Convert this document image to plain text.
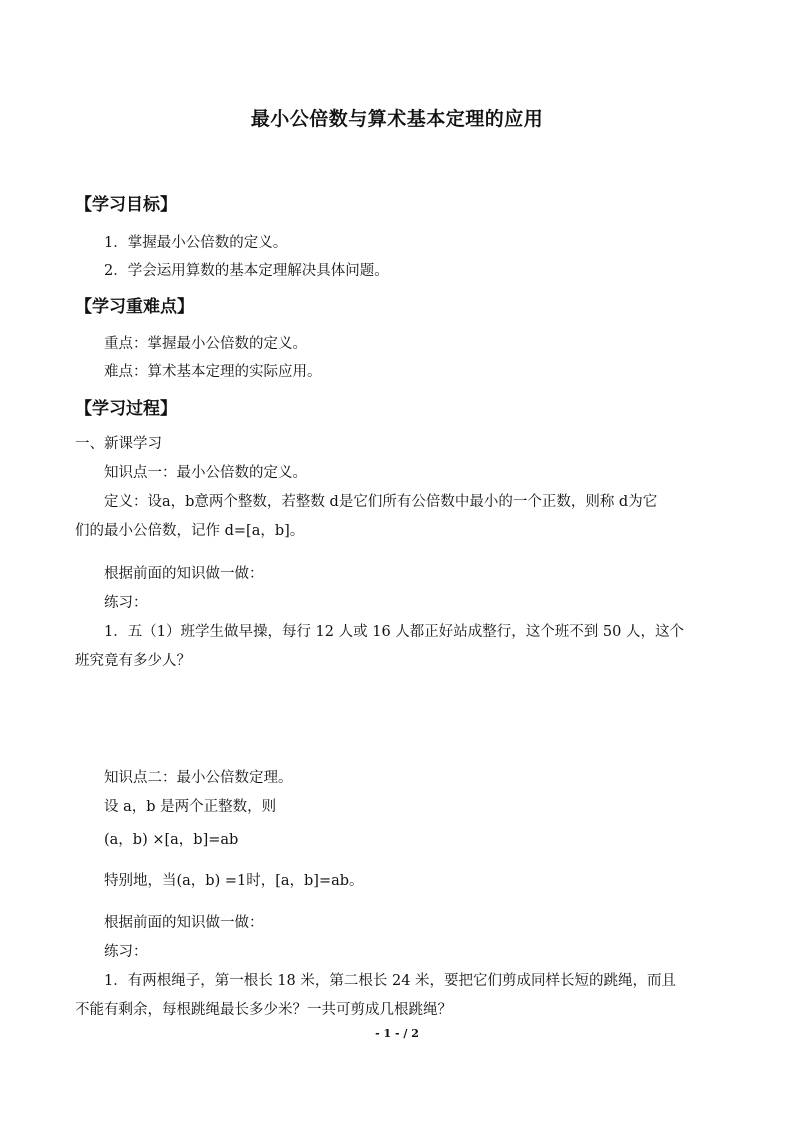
最小公倍数与算术基本定理的应用
【学习目标】
1．掌握最小公倍数的定义。
2．学会运用算数的基本定理解决具体问题。
【学习重难点】
重点：掌握最小公倍数的定义。
难点：算术基本定理的实际应用。
【学习过程】
一、新课学习
知识点一：最小公倍数的定义。
定义：设a，b意两个整数，若整数 d是它们所有公倍数中最小的一个正数，则称 d为它
们的最小公倍数，记作 d=[a，b]。
根据前面的知识做一做：
练习：
1．五（1）班学生做早操，每行 12 人或 16 人都正好站成整行，这个班不到 50 人，这个
班究竟有多少人？
知识点二：最小公倍数定理。
设 a，b 是两个正整数，则
(a，b) ×[a，b]=ab
特别地，当(a，b) =1时，[a，b]=ab。
根据前面的知识做一做：
练习：
1．有两根绳子，第一根长 18 米，第二根长 24 米，要把它们剪成同样长短的跳绳，而且
不能有剩余，每根跳绳最长多少米？一共可剪成几根跳绳？
- 1 - / 2
